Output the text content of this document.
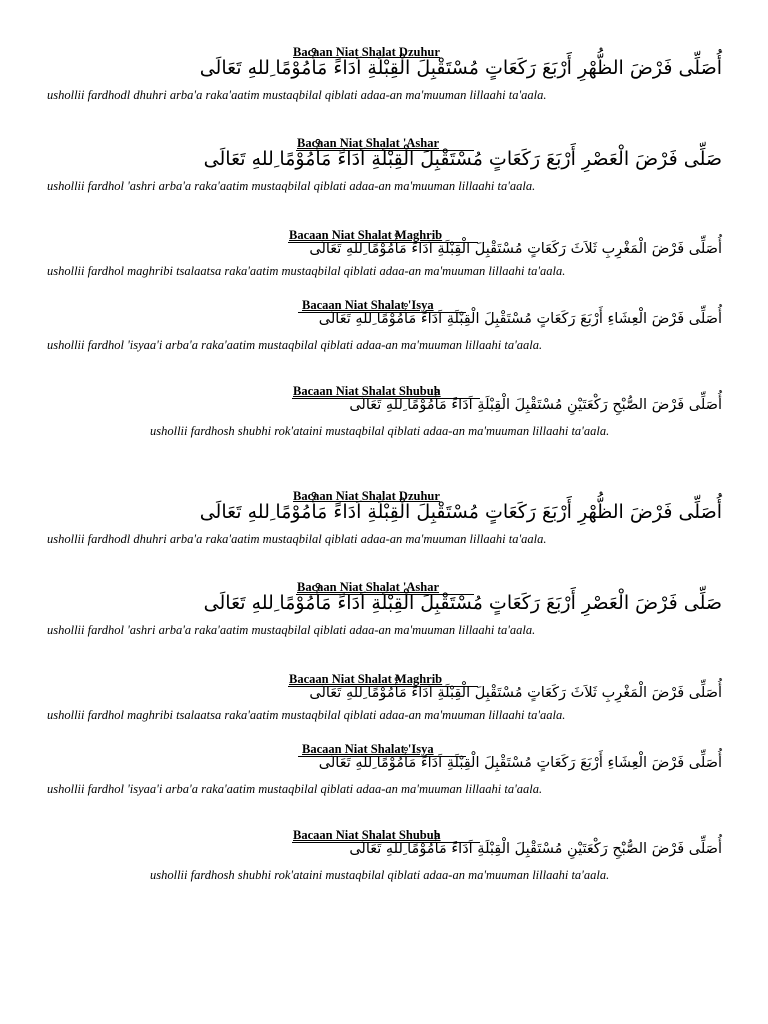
Bacaan Niat Shalat Dzuhur
أُصَلِّى فَرْضَ الظُّهْرِ أَرْبَعَ رَكَعَاتٍ مُسْتَقْبِلَ الْقِبْلَةِ اَدَاءً مَأْمُوْمًا ِللهِ تَعَالَى
ushollii fardhodl dhuhri arba'a raka'aatim mustaqbilal qiblati adaa-an ma'muuman lillaahi ta'aala.
Bacaan Niat Shalat 'Ashar
صَلِّى فَرْضَ الْعَصْرِ أَرْبَعَ رَكَعَاتٍ مُسْتَقْبِلَ الْقِبْلَةِ اَدَاءً مَأْمُوْمًا ِللهِ تَعَالَى
ushollii fardhol 'ashri arba'a raka'aatim mustaqbilal qiblati adaa-an ma'muuman lillaahi ta'aala.
Bacaan Niat Shalat Maghrib
أُصَلِّى فَرْضَ الْمَغْرِبِ ثَلاَثَ رَكَعَاتٍ مُسْتَقْبِلَ الْقِبْلَةِ اَدَاءً مَأْمُوْمًا ِللهِ تَعَالَى
ushollii fardhol maghribi tsalaatsa raka'aatim mustaqbilal qiblati adaa-an ma'muuman lillaahi ta'aala.
Bacaan Niat Shalat 'Isya
أُصَلِّى فَرْضَ الْعِشَاءِ أَرْبَعَ رَكَعَاتٍ مُسْتَقْبِلَ الْقِبْلَةِ اَدَاءً مَأْمُوْمًا ِللهِ تَعَالَى
ushollii fardhol 'isyaa'i arba'a raka'aatim mustaqbilal qiblati adaa-an ma'muuman lillaahi ta'aala.
Bacaan Niat Shalat Shubuh
أُصَلِّى فَرْضَ الصُّبْحِ رَكْعَتَيْنِ مُسْتَقْبِلَ الْقِبْلَةِ اَدَاءً مَأْمُوْمًا ِللهِ تَعَالَى
ushollii fardhosh shubhi rok'ataini mustaqbilal qiblati adaa-an ma'muuman lillaahi ta'aala.
Bacaan Niat Shalat Dzuhur
أُصَلِّى فَرْضَ الظُّهْرِ أَرْبَعَ رَكَعَاتٍ مُسْتَقْبِلَ الْقِبْلَةِ اَدَاءً مَأْمُوْمًا ِللهِ تَعَالَى
ushollii fardhodl dhuhri arba'a raka'aatim mustaqbilal qiblati adaa-an ma'muuman lillaahi ta'aala.
Bacaan Niat Shalat 'Ashar
صَلِّى فَرْضَ الْعَصْرِ أَرْبَعَ رَكَعَاتٍ مُسْتَقْبِلَ الْقِبْلَةِ اَدَاءً مَأْمُوْمًا ِللهِ تَعَالَى
ushollii fardhol 'ashri arba'a raka'aatim mustaqbilal qiblati adaa-an ma'muuman lillaahi ta'aala.
Bacaan Niat Shalat Maghrib
أُصَلِّى فَرْضَ الْمَغْرِبِ ثَلاَثَ رَكَعَاتٍ مُسْتَقْبِلَ الْقِبْلَةِ اَدَاءً مَأْمُوْمًا ِللهِ تَعَالَى
ushollii fardhol maghribi tsalaatsa raka'aatim mustaqbilal qiblati adaa-an ma'muuman lillaahi ta'aala.
Bacaan Niat Shalat 'Isya
أُصَلِّى فَرْضَ الْعِشَاءِ أَرْبَعَ رَكَعَاتٍ مُسْتَقْبِلَ الْقِبْلَةِ اَدَاءً مَأْمُوْمًا ِللهِ تَعَالَى
ushollii fardhol 'isyaa'i arba'a raka'aatim mustaqbilal qiblati adaa-an ma'muuman lillaahi ta'aala.
Bacaan Niat Shalat Shubuh
أُصَلِّى فَرْضَ الصُّبْحِ رَكْعَتَيْنِ مُسْتَقْبِلَ الْقِبْلَةِ اَدَاءً مَأْمُوْمًا ِللهِ تَعَالَى
ushollii fardhosh shubhi rok'ataini mustaqbilal qiblati adaa-an ma'muuman lillaahi ta'aala.
